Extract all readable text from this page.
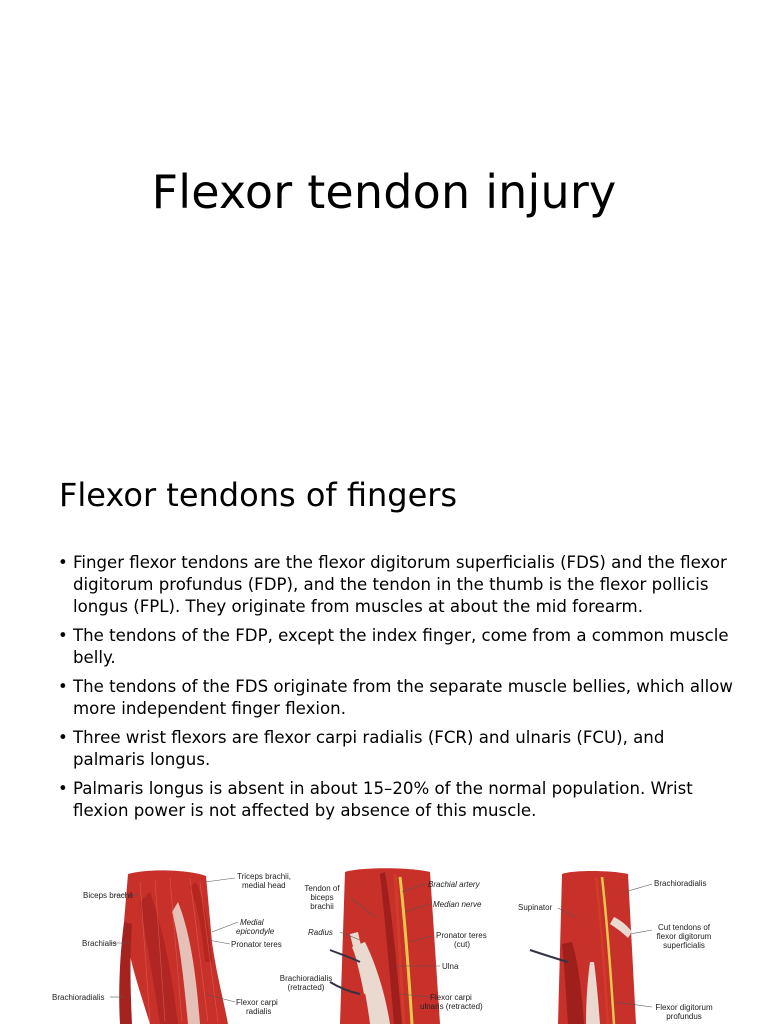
Flexor tendon injury
Flexor tendons of fingers
• Finger flexor tendons are the flexor digitorum superficialis (FDS) and the flexor digitorum profundus (FDP), and the tendon in the thumb is the flexor pollicis longus (FPL). They originate from muscles at about the mid forearm.
• The tendons of the FDP, except the index finger, come from a common muscle belly.
• The tendons of the FDS originate from the separate muscle bellies, which allow more independent finger flexion.
• Three wrist flexors are flexor carpi radialis (FCR) and ulnaris (FCU), and palmaris longus.
• Palmaris longus is absent in about 15–20% of the normal population. Wrist flexion power is not affected by absence of this muscle.
Triceps brachii,
medial head
Biceps brachii
Medial
epicondyle
Brachialis	Pronator teres
Brachioradialis
Flexor carpi
radialis
Tendon of
biceps
brachii
Brachial artery
Median nerve
Radius	Pronator teres
(cut)
Ulna
Brachioradialis
(retracted)
Flexor carpi
ulnaris (retracted)
Brachioradialis
Supinator
Cut tendons of
flexor digitorum
superficialis
Flexor digitorum
profundus
